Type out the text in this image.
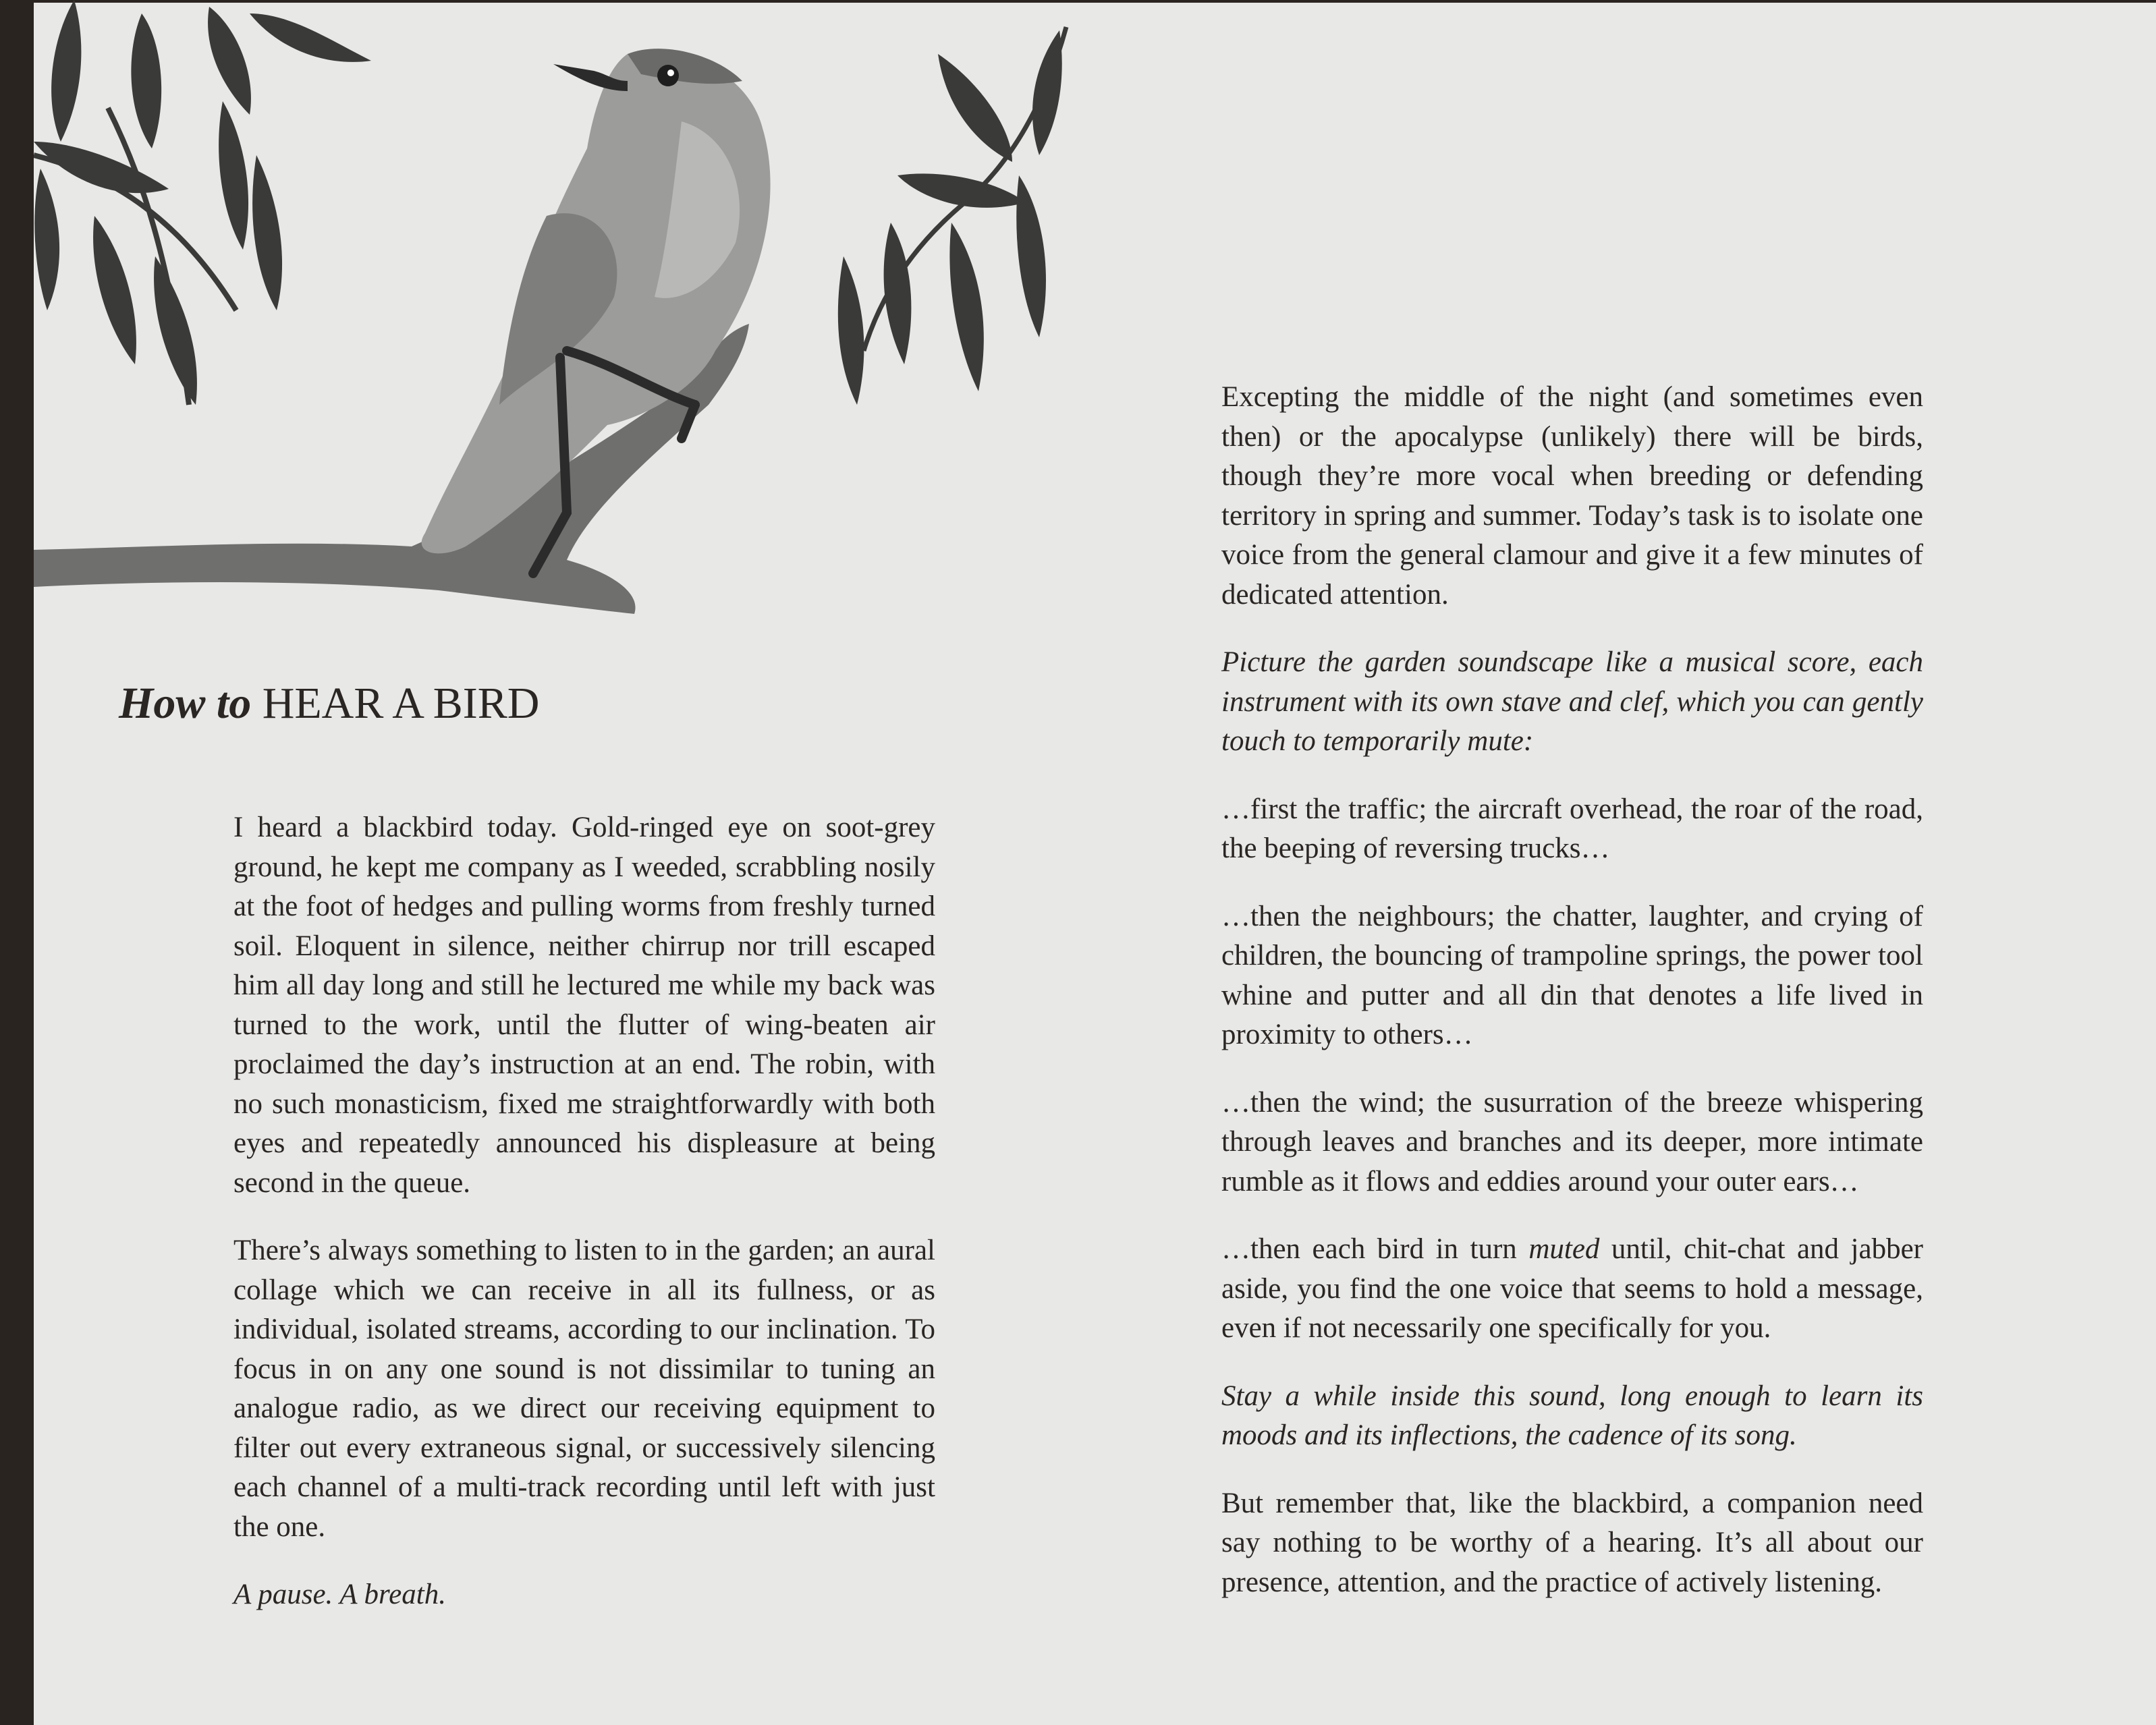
How to HEAR A BIRD

I heard a blackbird today. Gold-ringed eye on soot-grey ground, he kept me company as I weeded, scrabbling nosily at the foot of hedges and pulling worms from freshly turned soil. Eloquent in silence, neither chirrup nor trill escaped him all day long and still he lectured me while my back was turned to the work, until the flutter of wing-beaten air proclaimed the day’s instruction at an end. The robin, with no such monasticism, fixed me straightforwardly with both eyes and repeatedly announced his displeasure at being second in the queue.

There’s always something to listen to in the garden; an aural collage which we can receive in all its fullness, or as individual, isolated streams, according to our inclination. To focus in on any one sound is not dissimilar to tuning an analogue radio, as we direct our receiving equipment to filter out every extraneous signal, or successively silencing each channel of a multi-track recording until left with just the one.

A pause. A breath.

Excepting the middle of the night (and sometimes even then) or the apocalypse (unlikely) there will be birds, though they’re more vocal when breeding or defending territory in spring and summer. Today’s task is to isolate one voice from the general clamour and give it a few minutes of dedicated attention.

Picture the garden soundscape like a musical score, each instrument with its own stave and clef, which you can gently touch to temporarily mute:

…first the traffic; the aircraft overhead, the roar of the road, the beeping of reversing trucks…

…then the neighbours; the chatter, laughter, and crying of children, the bouncing of trampoline springs, the power tool whine and putter and all din that denotes a life lived in proximity to others…

…then the wind; the susurration of the breeze whispering through leaves and branches and its deeper, more intimate rumble as it flows and eddies around your outer ears…

…then each bird in turn muted until, chit-chat and jabber aside, you find the one voice that seems to hold a message, even if not necessarily one specifically for you.

Stay a while inside this sound, long enough to learn its moods and its inflections, the cadence of its song.

But remember that, like the blackbird, a companion need say nothing to be worthy of a hearing. It’s all about our presence, attention, and the practice of actively listening.
